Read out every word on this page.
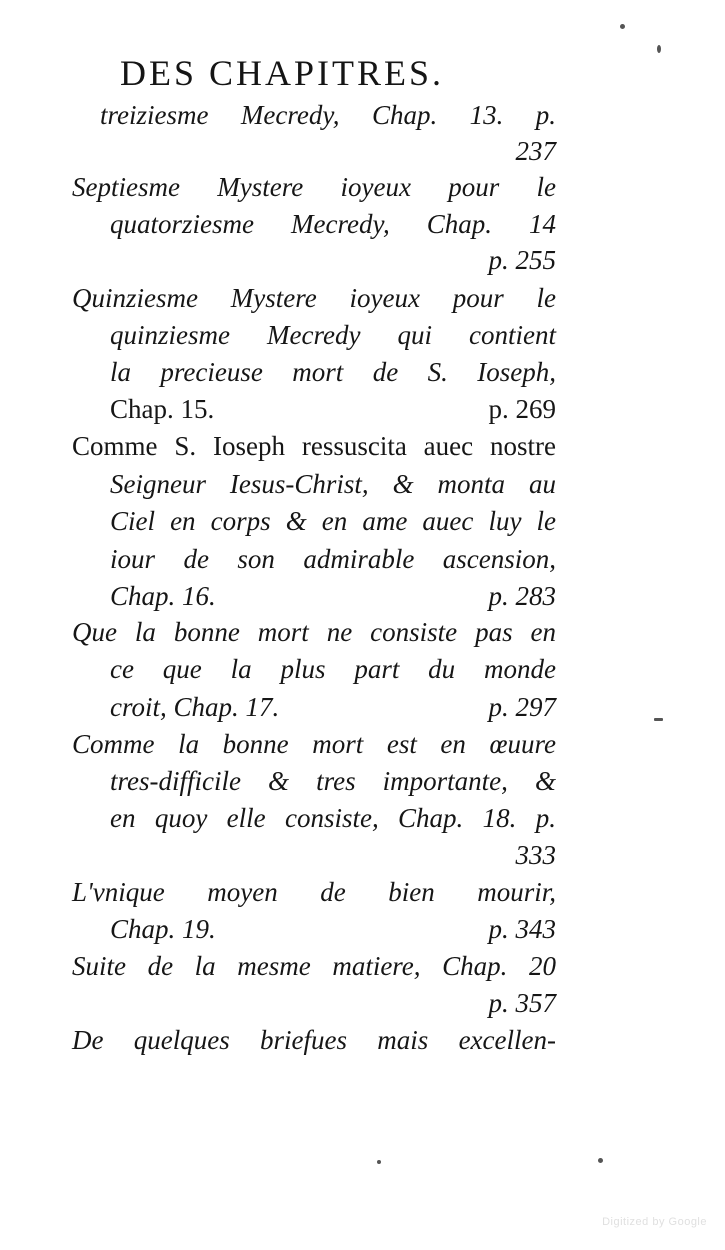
DES CHAPITRES.
treiziesme Mecredy, Chap. 13. p.
237
Septiesme Mystere ioyeux pour le
quatorziesme Mecredy, Chap. 14
p. 255
Quinziesme Mystere ioyeux pour le
quinziesme Mecredy qui contient
la precieuse mort de S. Ioseph,
Chap. 15.	p. 269
Comme S. Ioseph ressuscita auec nostre
Seigneur Iesus-Christ, & monta au
Ciel en corps & en ame auec luy le
iour de son admirable ascension,
Chap. 16.	p. 283
Que la bonne mort ne consiste pas en
ce que la plus part du monde
croit, Chap. 17.	p. 297
Comme la bonne mort est en œuure
tres-difficile & tres importante, &
en quoy elle consiste, Chap. 18. p.
333
L'vnique moyen de bien mourir,
Chap. 19.	p. 343
Suite de la mesme matiere, Chap. 20
p. 357
De quelques briefues mais excellen-
Digitized by Google
